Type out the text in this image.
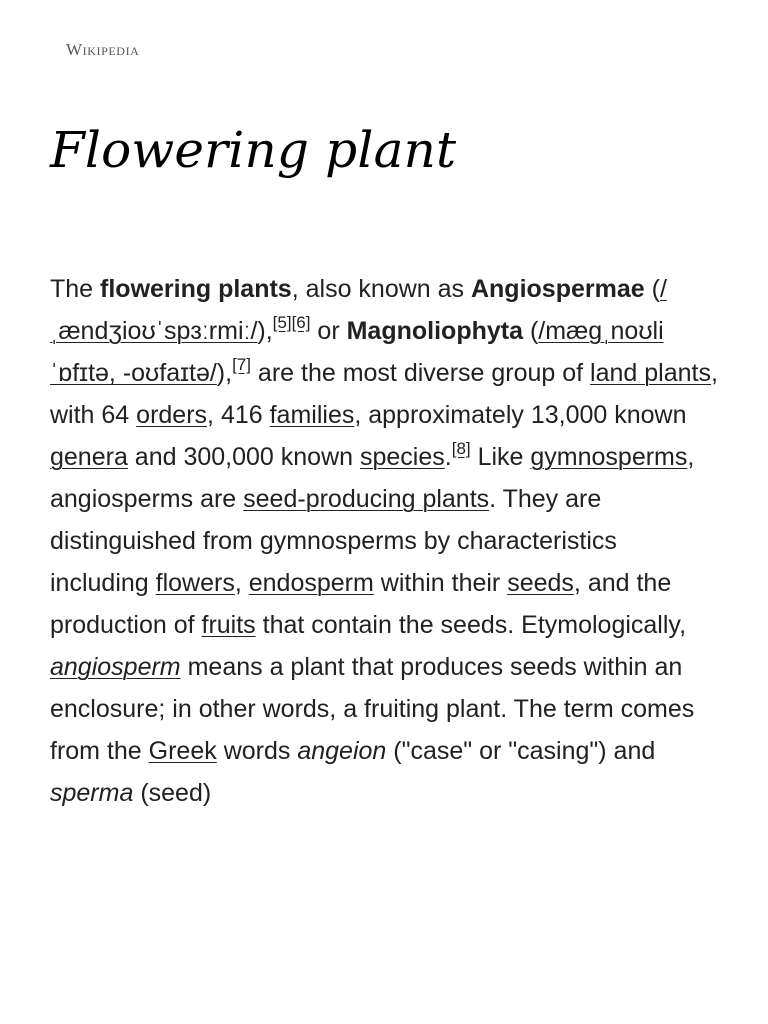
Wikipedia
Flowering plant

The flowering plants, also known as Angiospermae (/ˌændʒioʊˈspɜːrmiː/),[5][6] or Magnoliophyta (/mæɡˌnoʊliˈɒfɪtə, -oʊfaɪtə/),[7] are the most diverse group of land plants, with 64 orders, 416 families, approximately 13,000 known genera and 300,000 known species.[8] Like gymnosperms, angiosperms are seed-producing plants. They are distinguished from gymnosperms by characteristics including flowers, endosperm within their seeds, and the production of fruits that contain the seeds. Etymologically, angiosperm means a plant that produces seeds within an enclosure; in other words, a fruiting plant. The term comes from the Greek words angeion ("case" or "casing") and sperma (seed)
